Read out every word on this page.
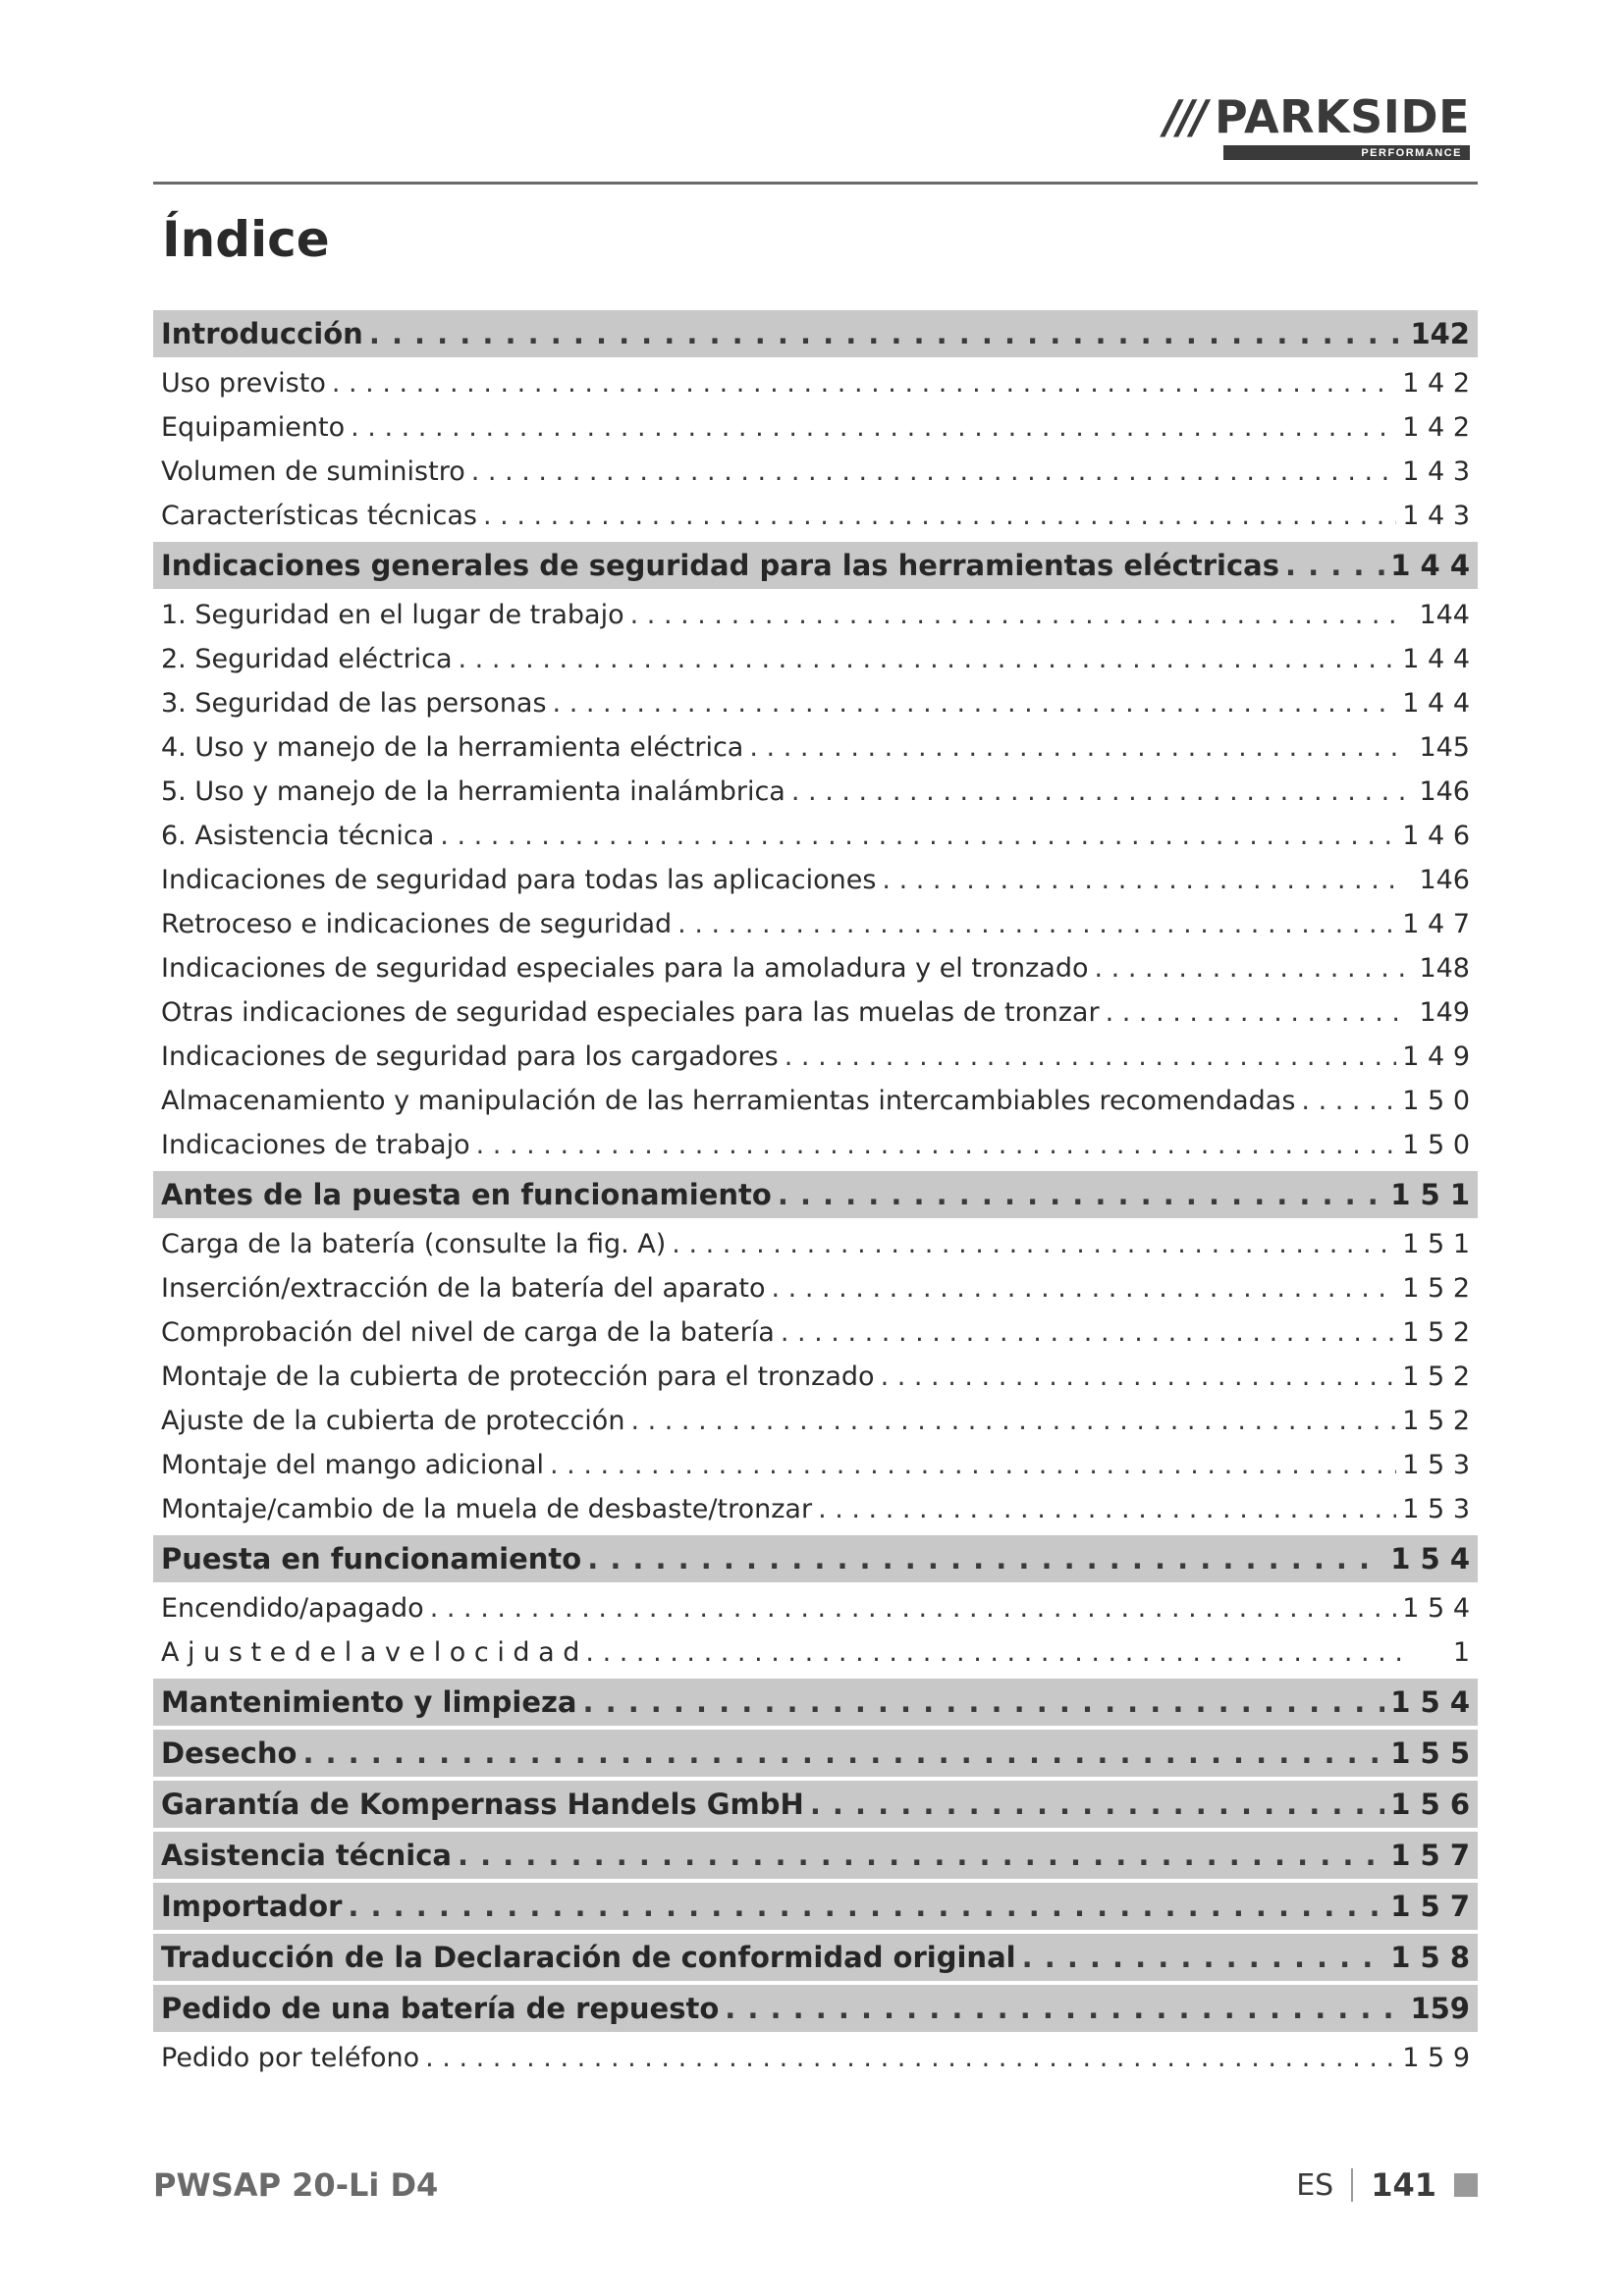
/// PARKSIDE
PERFORMANCE
Índice
Introducción . . .	142
Uso previsto . . .	1 4 2
Equipamiento . . .	1 4 2
Volumen de suministro . . .	1 4 3
Características técnicas . . .	1 4 3
Indicaciones generales de seguridad para las herramientas eléctricas . . .	1 4 4
1. Seguridad en el lugar de trabajo . . .	144
2. Seguridad eléctrica . . .	1 4 4
3. Seguridad de las personas . . .	1 4 4
4. Uso y manejo de la herramienta eléctrica . . .	145
5. Uso y manejo de la herramienta inalámbrica . . .	146
6. Asistencia técnica . . .	1 4 6
Indicaciones de seguridad para todas las aplicaciones . . .	146
Retroceso e indicaciones de seguridad . . .	1 4 7
Indicaciones de seguridad especiales para la amoladura y el tronzado . . .	148
Otras indicaciones de seguridad especiales para las muelas de tronzar . . .	149
Indicaciones de seguridad para los cargadores . . .	1 4 9
Almacenamiento y manipulación de las herramientas intercambiables recomendadas . . .	1 5 0
Indicaciones de trabajo . . .	1 5 0
Antes de la puesta en funcionamiento . . .	1 5 1
Carga de la batería (consulte la fig. A) . . .	1 5 1
Inserción/extracción de la batería del aparato . . .	1 5 2
Comprobación del nivel de carga de la batería . . .	1 5 2
Montaje de la cubierta de protección para el tronzado . . .	1 5 2
Ajuste de la cubierta de protección . . .	1 5 2
Montaje del mango adicional . . .	1 5 3
Montaje/cambio de la muela de desbaste/tronzar . . .	1 5 3
Puesta en funcionamiento . . .	1 5 4
Encendido/apagado . . .	1 5 4
A j u s t e d e l a v e l o c i d a d . . .	1
Mantenimiento y limpieza . . .	1 5 4
Desecho . . .	1 5 5
Garantía de Kompernass Handels GmbH . . .	1 5 6
Asistencia técnica . . .	1 5 7
Importador . . .	1 5 7
Traducción de la Declaración de conformidad original . . .	1 5 8
Pedido de una batería de repuesto . . .	159
Pedido por teléfono . . .	1 5 9
PWSAP 20-Li D4	ES 141
